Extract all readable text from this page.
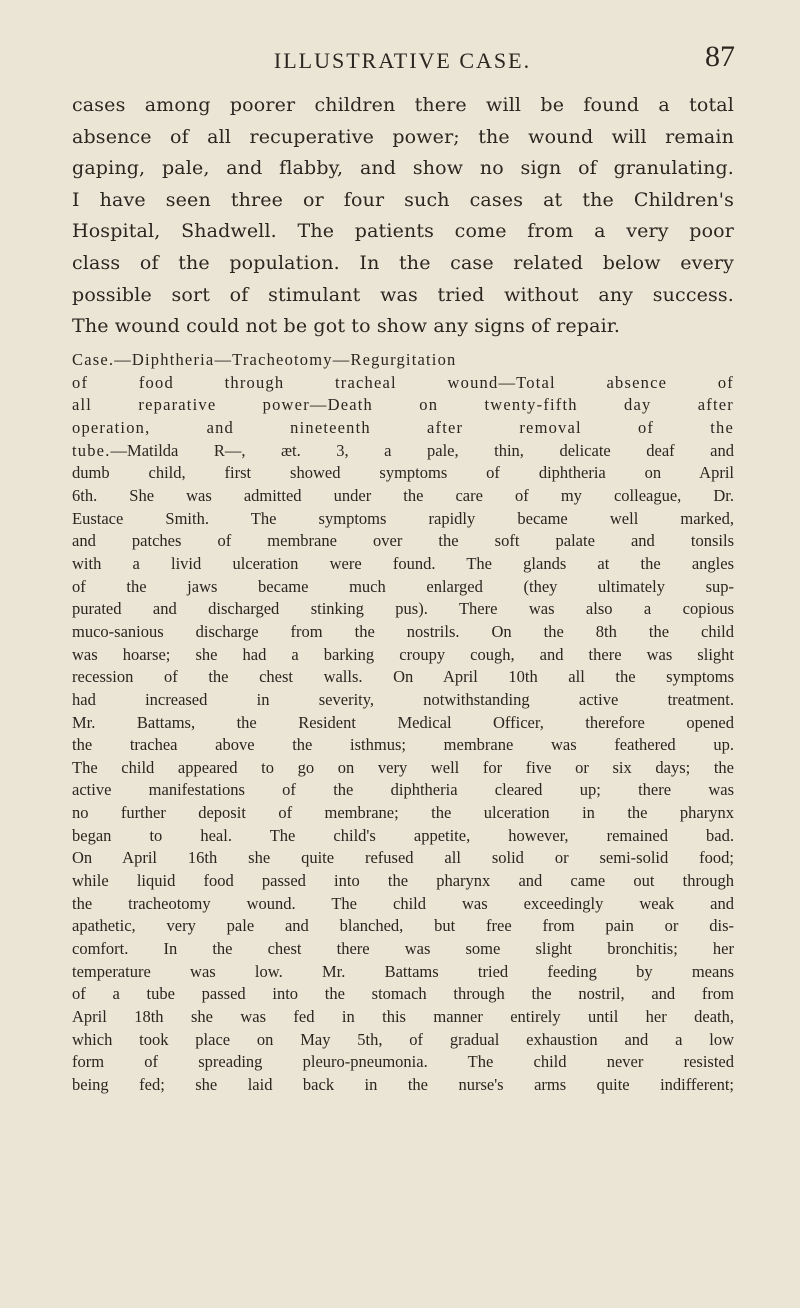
ILLUSTRATIVE CASE.	87

cases among poorer children there will be found a total
absence of all recuperative power; the wound will remain
gaping, pale, and flabby, and show no sign of granulating.
I have seen three or four such cases at the Children's
Hospital, Shadwell. The patients come from a very poor
class of the population. In the case related below every
possible sort of stimulant was tried without any success.
The wound could not be got to show any signs of repair.

Case.—Diphtheria—Tracheotomy—Regurgitation
of food through tracheal wound—Total absence of
all reparative power—Death on twenty-fifth day after
operation, and nineteenth after removal of the
tube.—Matilda R—, æt. 3, a pale, thin, delicate deaf and
dumb child, first showed symptoms of diphtheria on April
6th. She was admitted under the care of my colleague, Dr.
Eustace Smith. The symptoms rapidly became well marked,
and patches of membrane over the soft palate and tonsils
with a livid ulceration were found. The glands at the angles
of the jaws became much enlarged (they ultimately sup-
purated and discharged stinking pus). There was also a copious
muco-sanious discharge from the nostrils. On the 8th the child
was hoarse; she had a barking croupy cough, and there was slight
recession of the chest walls. On April 10th all the symptoms
had increased in severity, notwithstanding active treatment.
Mr. Battams, the Resident Medical Officer, therefore opened
the trachea above the isthmus; membrane was feathered up.
The child appeared to go on very well for five or six days; the
active manifestations of the diphtheria cleared up; there was
no further deposit of membrane; the ulceration in the pharynx
began to heal. The child's appetite, however, remained bad.
On April 16th she quite refused all solid or semi-solid food;
while liquid food passed into the pharynx and came out through
the tracheotomy wound. The child was exceedingly weak and
apathetic, very pale and blanched, but free from pain or dis-
comfort. In the chest there was some slight bronchitis; her
temperature was low. Mr. Battams tried feeding by means
of a tube passed into the stomach through the nostril, and from
April 18th she was fed in this manner entirely until her death,
which took place on May 5th, of gradual exhaustion and a low
form of spreading pleuro-pneumonia. The child never resisted
being fed; she laid back in the nurse's arms quite indifferent;
